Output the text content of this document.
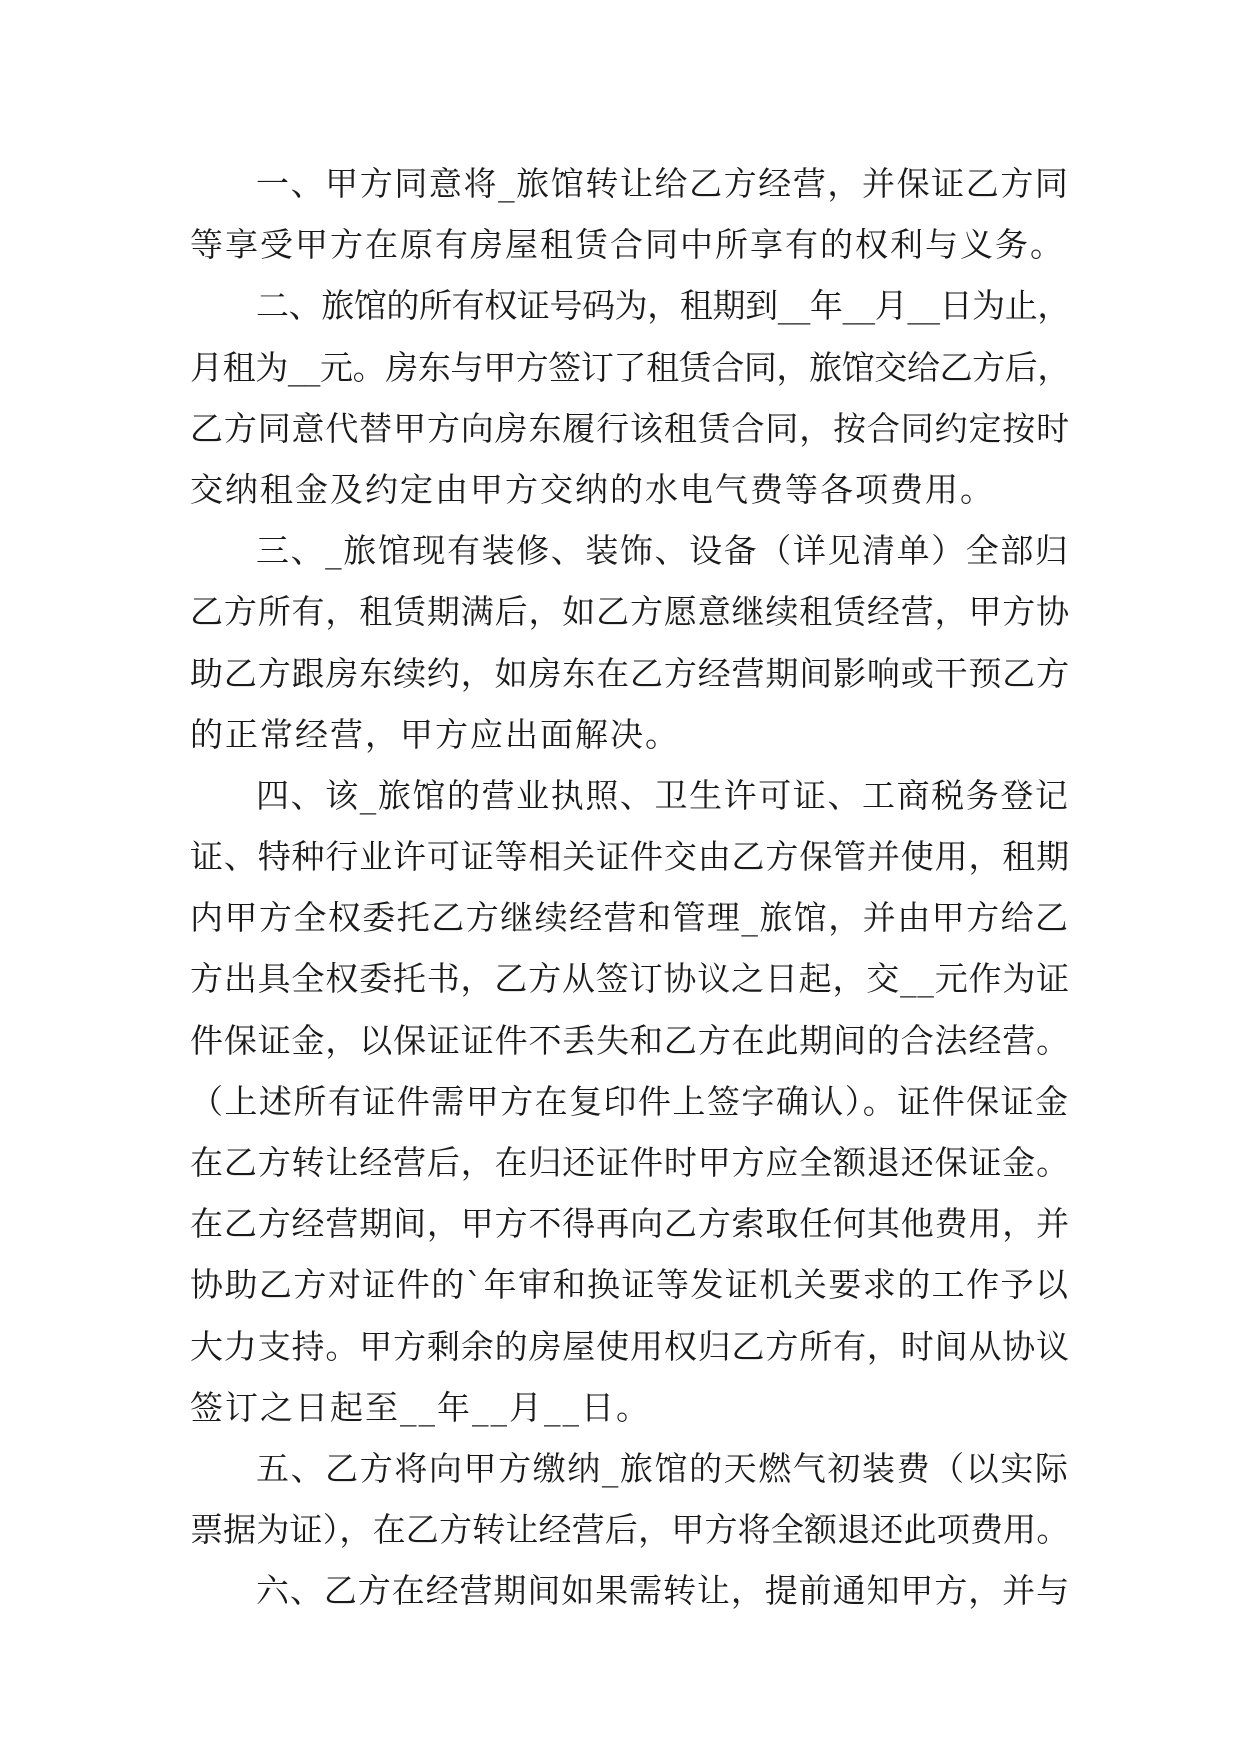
一、甲方同意将_旅馆转让给乙方经营，并保证乙方同
等享受甲方在原有房屋租赁合同中所享有的权利与义务。
二、旅馆的所有权证号码为，租期到__年__月__日为止，
月租为__元。房东与甲方签订了租赁合同，旅馆交给乙方后，
乙方同意代替甲方向房东履行该租赁合同，按合同约定按时
交纳租金及约定由甲方交纳的水电气费等各项费用。
三、_旅馆现有装修、装饰、设备（详见清单）全部归
乙方所有，租赁期满后，如乙方愿意继续租赁经营，甲方协
助乙方跟房东续约，如房东在乙方经营期间影响或干预乙方
的正常经营，甲方应出面解决。
四、该_旅馆的营业执照、卫生许可证、工商税务登记
证、特种行业许可证等相关证件交由乙方保管并使用，租期
内甲方全权委托乙方继续经营和管理_旅馆，并由甲方给乙
方出具全权委托书，乙方从签订协议之日起，交__元作为证
件保证金，以保证证件不丢失和乙方在此期间的合法经营。
（上述所有证件需甲方在复印件上签字确认）。证件保证金
在乙方转让经营后，在归还证件时甲方应全额退还保证金。
在乙方经营期间，甲方不得再向乙方索取任何其他费用，并
协助乙方对证件的`年审和换证等发证机关要求的工作予以
大力支持。甲方剩余的房屋使用权归乙方所有，时间从协议
签订之日起至__年__月__日。
五、乙方将向甲方缴纳_旅馆的天燃气初装费（以实际
票据为证），在乙方转让经营后，甲方将全额退还此项费用。
六、乙方在经营期间如果需转让，提前通知甲方，并与
